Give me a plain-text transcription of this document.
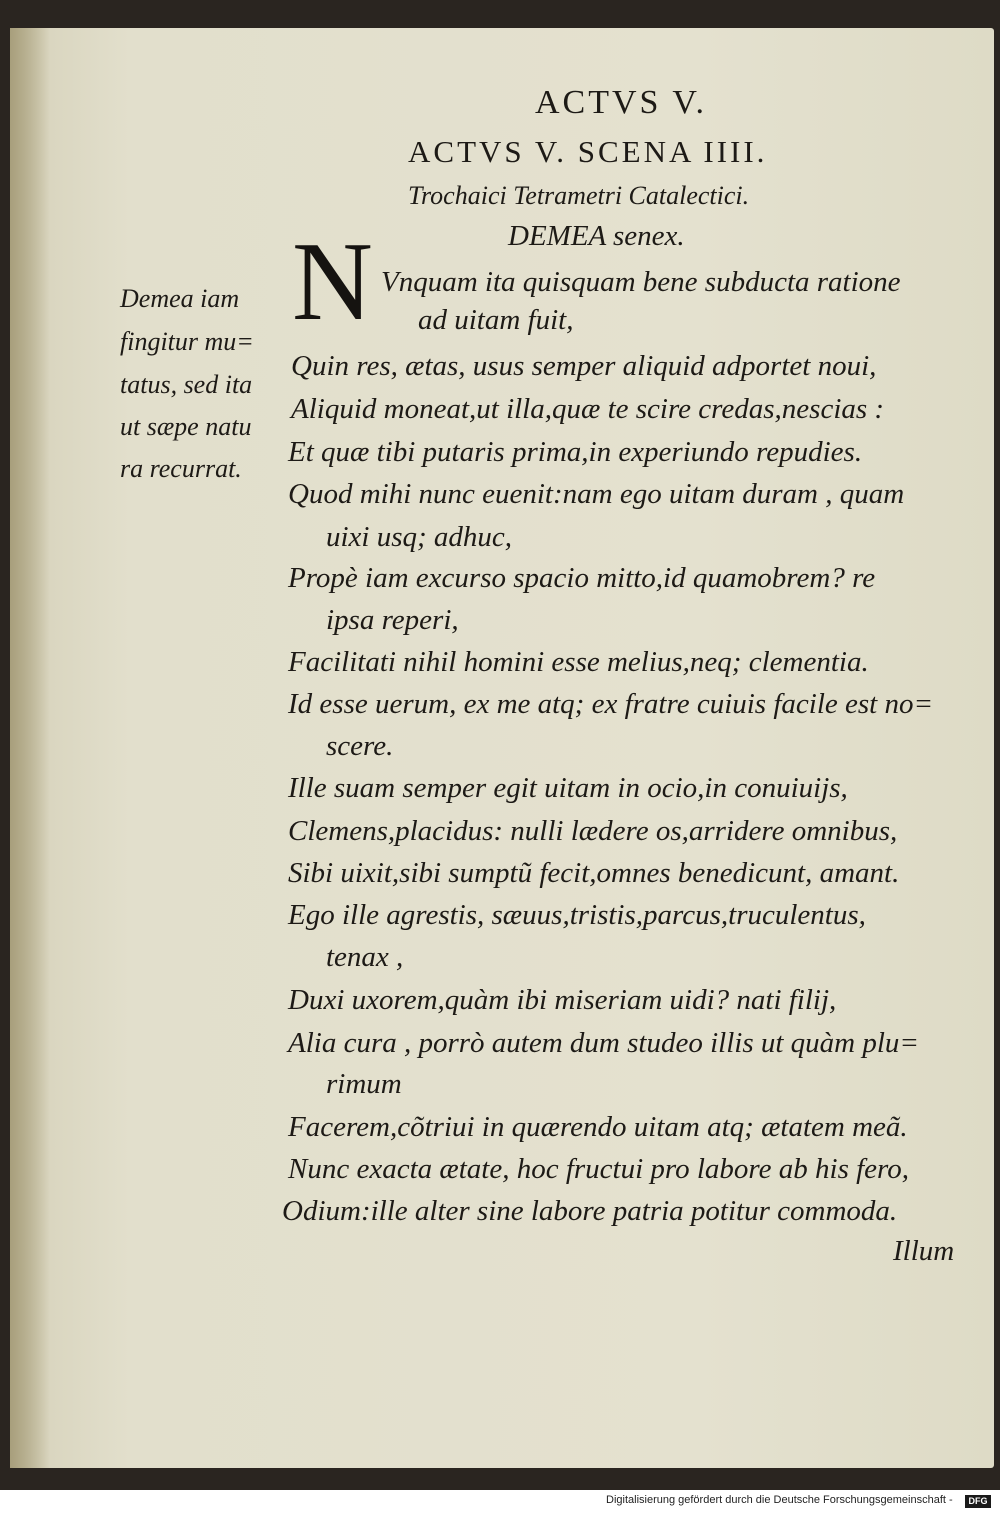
ACTVS V.
ACTVS V. SCENA IIII.
Trochaici Tetrametri Catalectici.
DEMEA senex.
N Vnquam ita quisquam bene subducta ratione
ad uitam fuit,
Quin res, ætas, usus semper aliquid adportet noui,
Aliquid moneat,ut illa,quæ te scire credas,nescias :
Et quæ tibi putaris prima,in experiundo repudies.
Quod mihi nunc euenit:nam ego uitam duram , quam
uixi usq; adhuc,
Propè iam excurso spacio mitto,id quamobrem? re
ipsa reperi,
Facilitati nihil homini esse melius,neq; clementia.
Id esse uerum, ex me atq; ex fratre cuiuis facile est no=
scere.
Ille suam semper egit uitam in ocio,in conuiuijs,
Clemens,placidus: nulli lædere os,arridere omnibus,
Sibi uixit,sibi sumptũ fecit,omnes benedicunt, amant.
Ego ille agrestis, sæuus,tristis,parcus,truculentus,
tenax ,
Duxi uxorem,quàm ibi miseriam uidi? nati filij,
Alia cura , porrò autem dum studeo illis ut quàm plu=
rimum
Facerem,cõtriui in quærendo uitam atq; ætatem meã.
Nunc exacta ætate, hoc fructui pro labore ab his fero,
Odium:ille alter sine labore patria potitur commoda.
Demea iam
fingitur mu=
tatus, sed ita
ut sæpe natu
ra recurrat.
Illum
Digitalisierung gefördert durch die Deutsche Forschungsgemeinschaft -	DFG
